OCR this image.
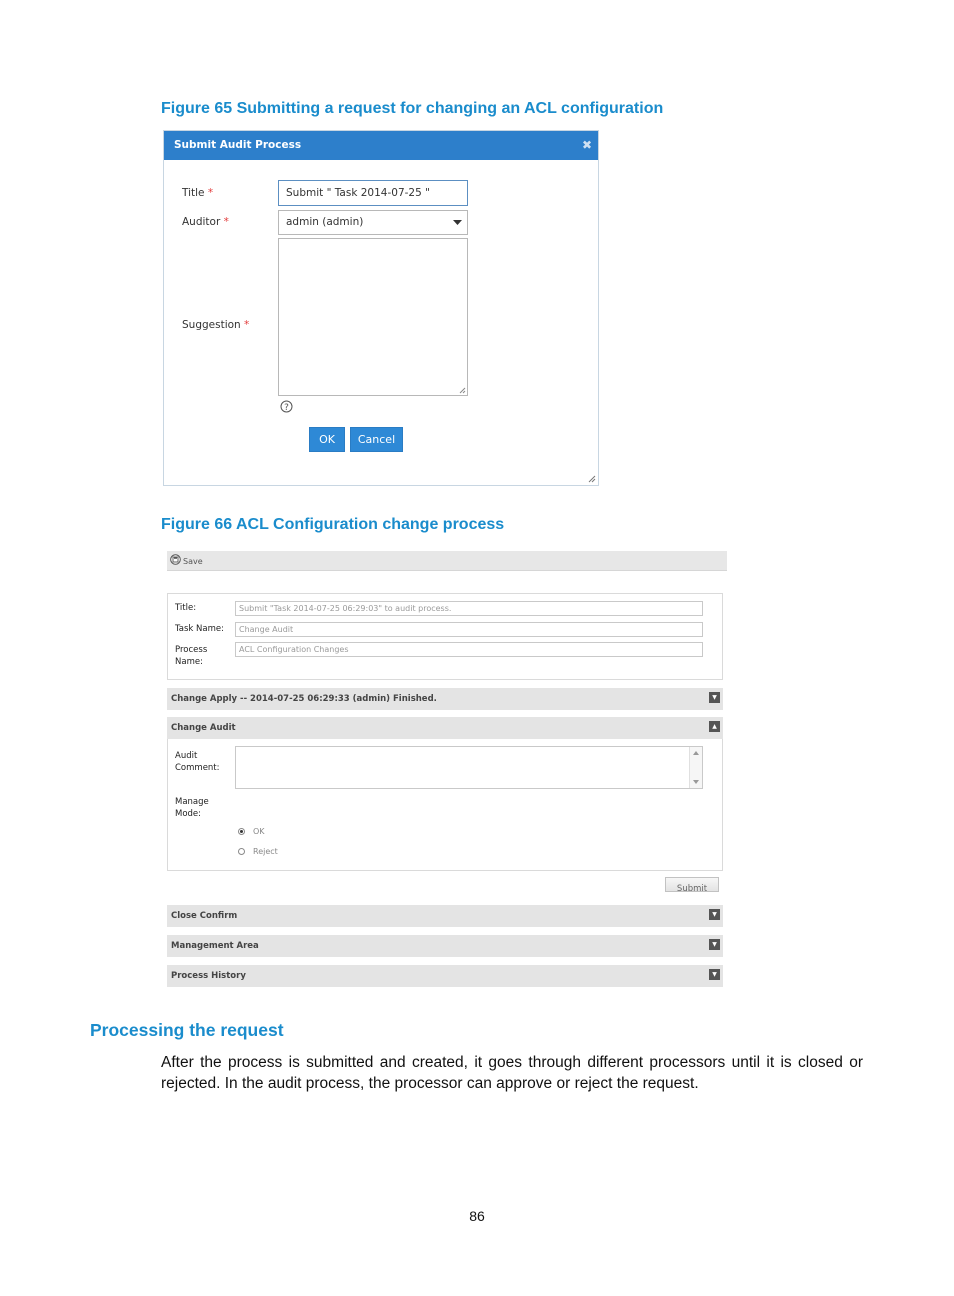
Figure 65 Submitting a request for changing an ACL configuration
Submit Audit Process	✖
Title *	Submit " Task 2014-07-25 "
Auditor *	admin (admin)
Suggestion *
?
OK	Cancel
Figure 66 ACL Configuration change process
Save
Title:	Submit "Task 2014-07-25 06:29:03" to audit process.
Task Name:	Change Audit
Process
Name:
ACL Configuration Changes
Change Apply -- 2014-07-25 06:29:33 (admin) Finished.	▼
Change Audit	▲
Audit
Comment:
Manage
Mode:
OK
Reject
Submit
Close Confirm	▼
Management Area	▼
Process History	▼
Processing the request
After the process is submitted and created, it goes through different processors until it is closed or rejected. In the audit process, the processor can approve or reject the request.
86
